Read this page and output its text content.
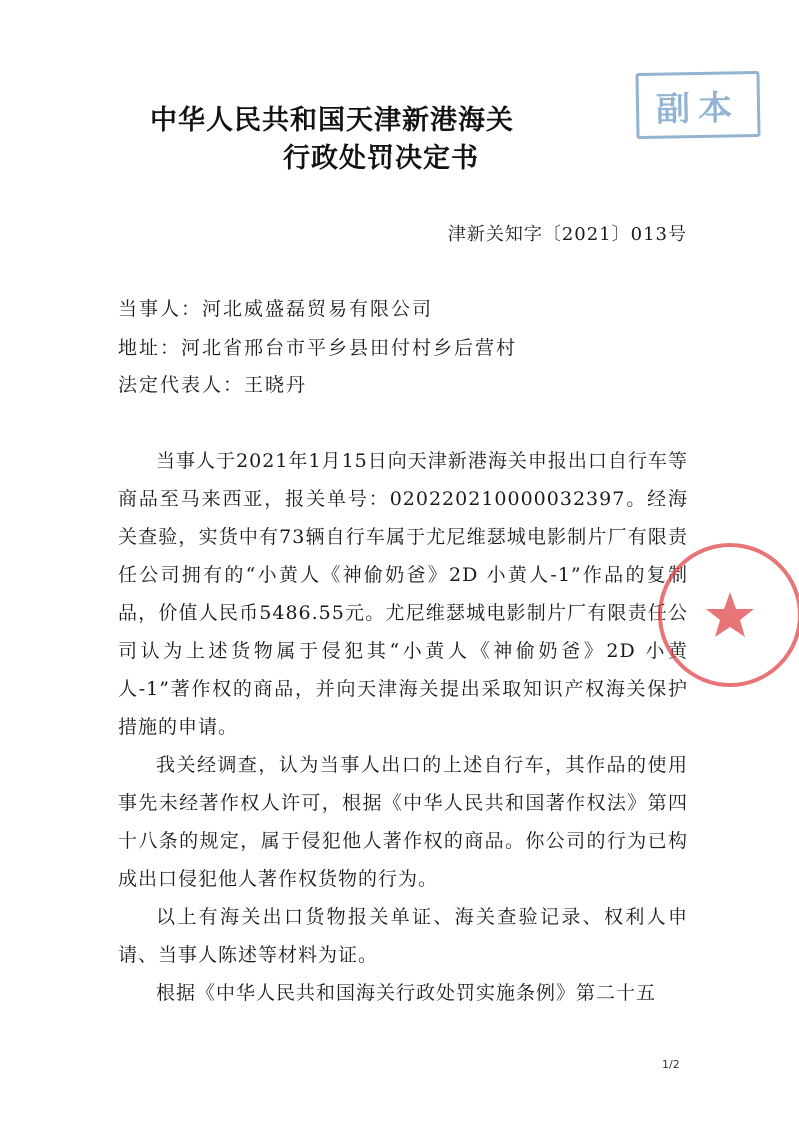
中华人民共和国天津新港海关
行政处罚决定书
副本
津新关知字〔2021〕013号
当事人：河北威盛磊贸易有限公司
地址：河北省邢台市平乡县田付村乡后营村
法定代表人：王晓丹

当事人于2021年1月15日向天津新港海关申报出口自行车等商品至马来西亚，报关单号：020220210000032397。经海关查验，实货中有73辆自行车属于尤尼维瑟城电影制片厂有限责任公司拥有的“小黄人《神偷奶爸》2D 小黄人-1”作品的复制品，价值人民币5486.55元。尤尼维瑟城电影制片厂有限责任公司认为上述货物属于侵犯其“小黄人《神偷奶爸》2D 小黄人-1”著作权的商品，并向天津海关提出采取知识产权海关保护措施的申请。

我关经调查，认为当事人出口的上述自行车，其作品的使用事先未经著作权人许可，根据《中华人民共和国著作权法》第四十八条的规定，属于侵犯他人著作权的商品。你公司的行为已构成出口侵犯他人著作权货物的行为。

以上有海关出口货物报关单证、海关查验记录、权利人申请、当事人陈述等材料为证。

根据《中华人民共和国海关行政处罚实施条例》第二十五

1/2
